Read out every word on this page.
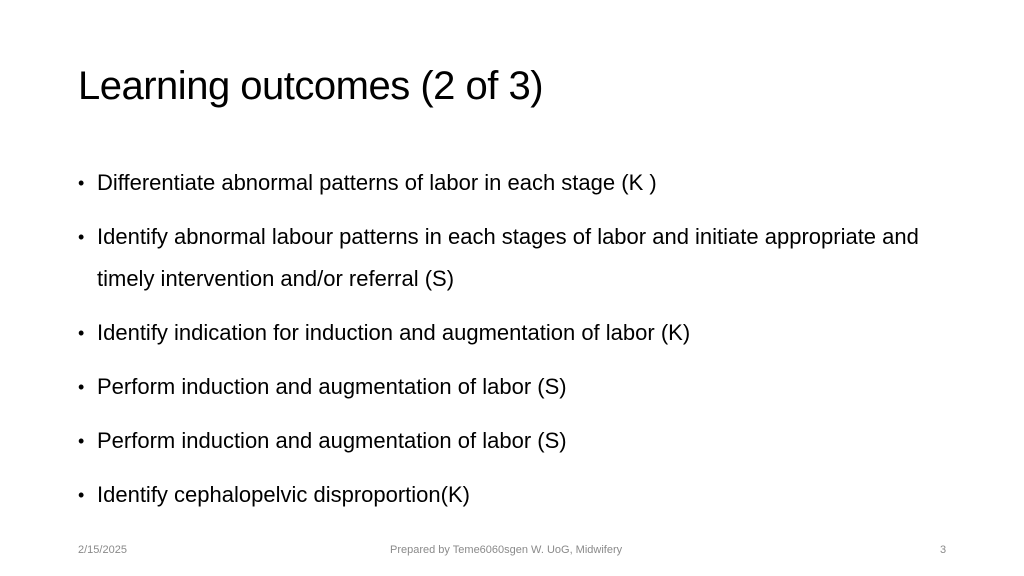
Learning outcomes (2 of 3)
• Differentiate abnormal patterns of labor in each stage (K )
• Identify abnormal labour patterns in each stages of labor and initiate appropriate and timely intervention and/or referral (S)
• Identify indication for induction and augmentation of labor (K)
• Perform induction and augmentation of labor (S)
• Perform induction and augmentation of labor (S)
• Identify cephalopelvic disproportion(K)
2/15/2025	Prepared by Teme6060sgen W. UoG, Midwifery	3
